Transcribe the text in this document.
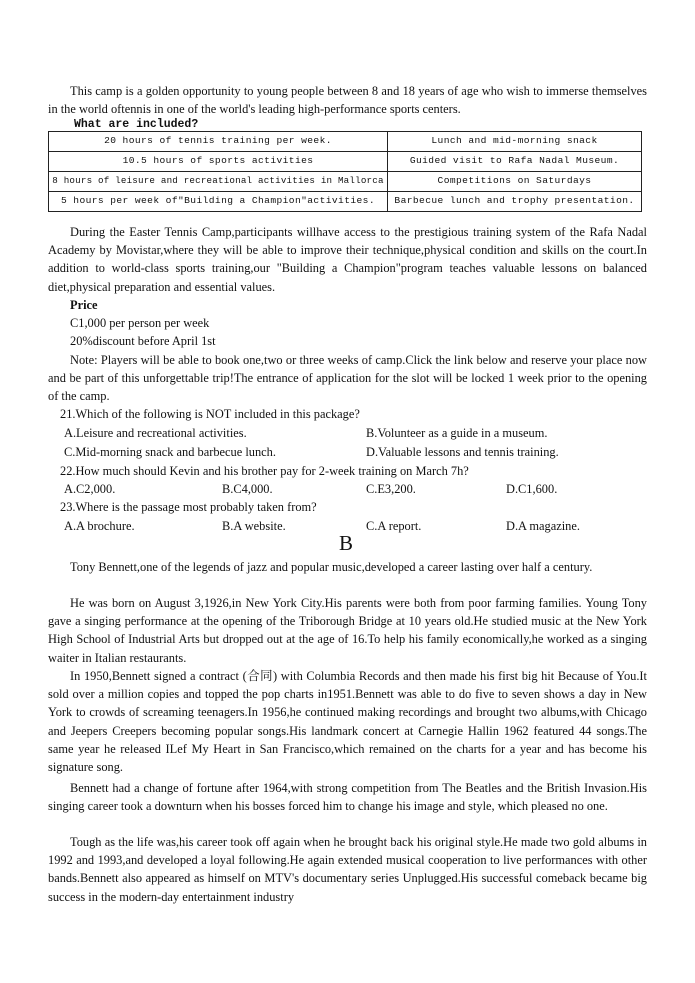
This camp is a golden opportunity to young people between 8 and 18 years of age who wish to immerse themselves in the world oftennis in one of the world's leading high-performance sports centers.

What are included?
20 hours of tennis training per week.	Lunch and mid-morning snack
10.5 hours of sports activities	Guided visit to Rafa Nadal Museum.
8 hours of leisure and recreational activities in Mallorca	Competitions on Saturdays
5 hours per week of"Building a Champion"activities.	Barbecue lunch and trophy presentation.

During the Easter Tennis Camp,participants willhave access to the prestigious training system of the Rafa Nadal Academy by Movistar,where they will be able to improve their technique,physical condition and skills on the court.In addition to world-class sports training,our "Building a Champion"program teaches valuable lessons on balanced diet,physical preparation and essential values.

Price
C1,000 per person per week
20%discount before April 1st

Note: Players will be able to book one,two or three weeks of camp.Click the link below and reserve your place now and be part of this unforgettable trip!The entrance of application for the slot will be locked 1 week prior to the opening of the camp.

21.Which of the following is NOT included in this package?
A.Leisure and recreational activities.	B.Volunteer as a guide in a museum.
C.Mid-morning snack and barbecue lunch.	D.Valuable lessons and tennis training.
22.How much should Kevin and his brother pay for 2-week training on March 7h?
A.C2,000.	B.C4,000.	C.E3,200.	D.C1,600.
23.Where is the passage most probably taken from?
A.A brochure.	B.A website.	C.A report.	D.A magazine.
B

Tony Bennett,one of the legends of jazz and popular music,developed a career lasting over half a century.

He was born on August 3,1926,in New York City.His parents were both from poor farming families. Young Tony gave a singing performance at the opening of the Triborough Bridge at 10 years old.He studied music at the New York High School of Industrial Arts but dropped out at the age of 16.To help his family economically,he worked as a singing waiter in Italian restaurants.

In 1950,Bennett signed a contract (合同) with Columbia Records and then made his first big hit Because of You.It sold over a million copies and topped the pop charts in1951.Bennett was able to do five to seven shows a day in New York to crowds of screaming teenagers.In 1956,he continued making recordings and brought two albums,with Chicago and Jeepers Creepers becoming popular songs.His landmark concert at Carnegie Hallin 1962 featured 44 songs.The same year he released ILef My Heart in San Francisco,which remained on the charts for a year and has become his signature song.

Bennett had a change of fortune after 1964,with strong competition from The Beatles and the British Invasion.His singing career took a downturn when his bosses forced him to change his image and style, which pleased no one.

Tough as the life was,his career took off again when he brought back his original style.He made two gold albums in 1992 and 1993,and developed a loyal following.He again extended musical cooperation to live performances with other bands.Bennett also appeared as himself on MTV's documentary series Unplugged.His successful comeback became big success in the modern-day entertainment industry
